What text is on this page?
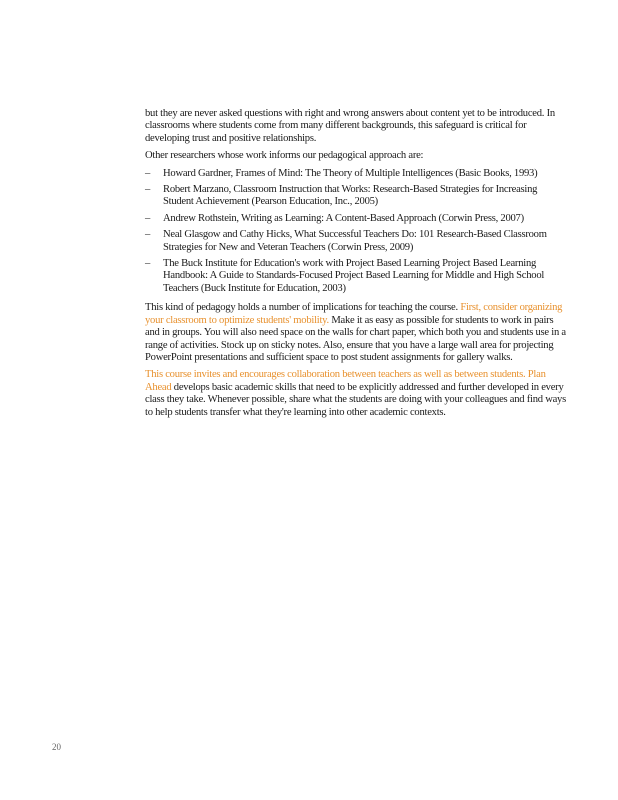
but they are never asked questions with right and wrong answers about content yet to be introduced. In classrooms where students come from many different backgrounds, this safeguard is critical for developing trust and positive relationships.

Other researchers whose work informs our pedagogical approach are:

– Howard Gardner, Frames of Mind: The Theory of Multiple Intelligences (Basic Books, 1993)
– Robert Marzano, Classroom Instruction that Works: Research-Based Strategies for Increasing Student Achievement (Pearson Education, Inc., 2005)
– Andrew Rothstein, Writing as Learning: A Content-Based Approach (Corwin Press, 2007)
– Neal Glasgow and Cathy Hicks, What Successful Teachers Do: 101 Research-Based Classroom Strategies for New and Veteran Teachers (Corwin Press, 2009)
– The Buck Institute for Education's work with Project Based Learning Project Based Learning Handbook: A Guide to Standards-Focused Project Based Learning for Middle and High School Teachers (Buck Institute for Education, 2003)

This kind of pedagogy holds a number of implications for teaching the course. First, consider organizing your classroom to optimize students' mobility. Make it as easy as possible for students to work in pairs and in groups. You will also need space on the walls for chart paper, which both you and students use in a range of activities. Stock up on sticky notes. Also, ensure that you have a large wall area for projecting PowerPoint presentations and sufficient space to post student assignments for gallery walks.

This course invites and encourages collaboration between teachers as well as between students. Plan Ahead develops basic academic skills that need to be explicitly addressed and further developed in every class they take. Whenever possible, share what the students are doing with your colleagues and find ways to help students transfer what they're learning into other academic contexts.

20
